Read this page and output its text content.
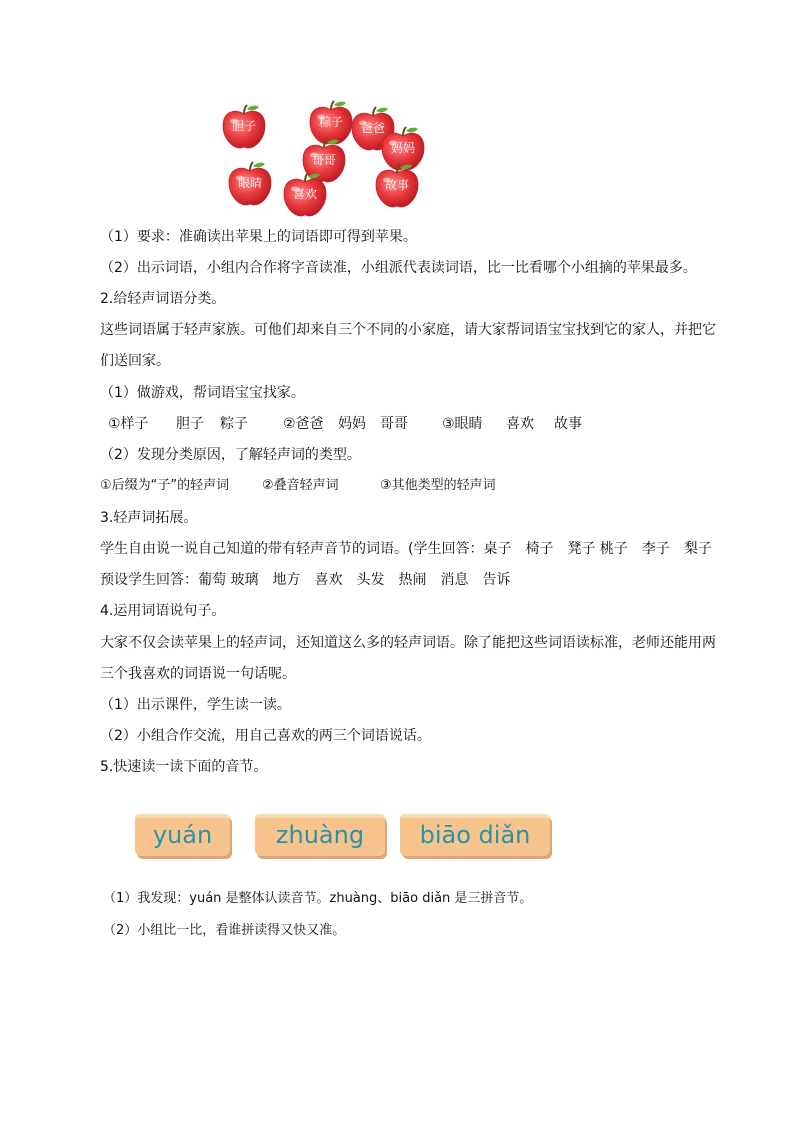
胆子	粽子	爸爸
妈妈
哥哥
眼睛
喜欢
故事
（1）要求：准确读出苹果上的词语即可得到苹果。
（2）出示词语，小组内合作将字音读准，小组派代表读词语，比一比看哪个小组摘的苹果最多。
2.给轻声词语分类。
这些词语属于轻声家族。可他们却来自三个不同的小家庭，请大家帮词语宝宝找到它的家人，并把它
们送回家。
（1）做游戏，帮词语宝宝找家。
①样子 胆子 粽子	②爸爸 妈妈 哥哥 ③眼睛 喜欢 故事
（2）发现分类原因，了解轻声词的类型。
①后缀为“子”的轻声词	②叠音轻声词	③其他类型的轻声词
3.轻声词拓展。
学生自由说一说自己知道的带有轻声音节的词语。(学生回答：桌子　椅子　凳子 桃子　李子　梨子
预设学生回答：葡萄 玻璃　地方　喜欢　头发　热闹　消息　告诉
4.运用词语说句子。
大家不仅会读苹果上的轻声词，还知道这么多的轻声词语。除了能把这些词语读标准，老师还能用两
三个我喜欢的词语说一句话呢。
（1）出示课件，学生读一读。
（2）小组合作交流，用自己喜欢的两三个词语说话。
5.快速读一读下面的音节。
yuán	zhuàng	biāo diǎn
（1）我发现：yuán 是整体认读音节。zhuàng、biāo diǎn 是三拼音节。
（2）小组比一比，看谁拼读得又快又准。
